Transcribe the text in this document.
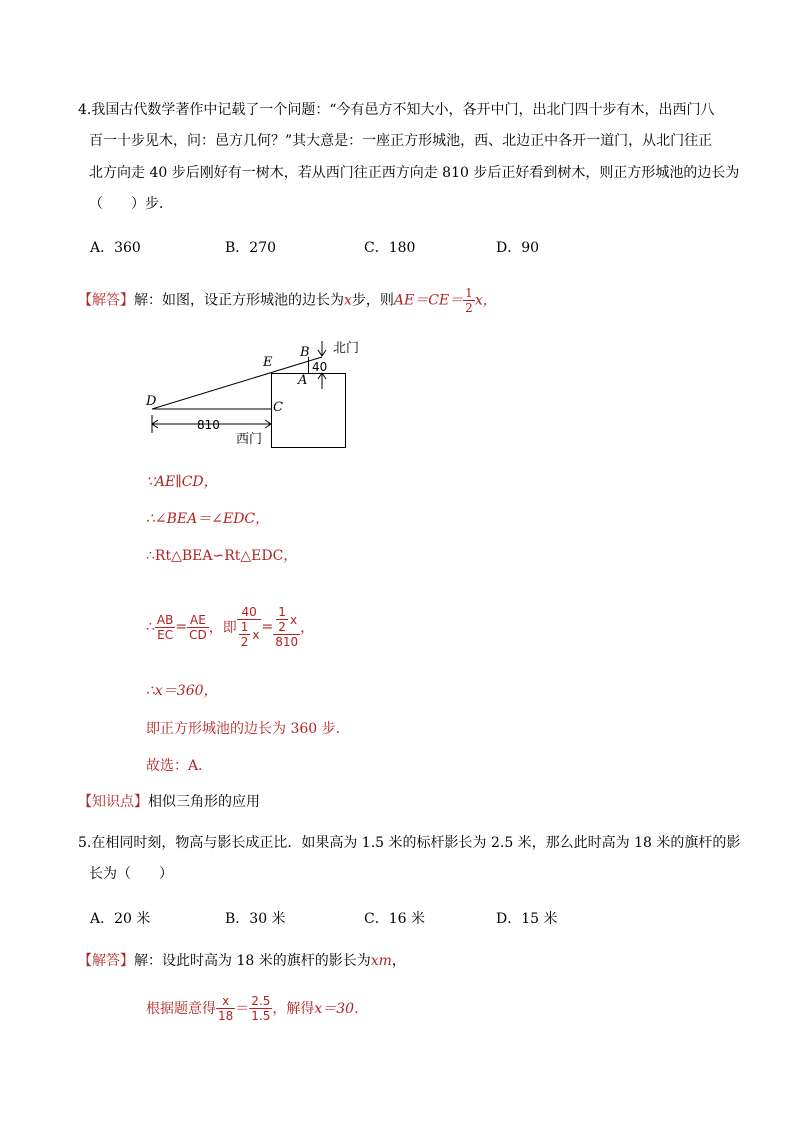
4.我国古代数学著作中记载了一个问题：“今有邑方不知大小，各开中门，出北门四十步有木，出西门八
百一十步见木，问：邑方几何？”其大意是：一座正方形城池，西、北边正中各开一道门，从北门往正
北方向走 40 步后刚好有一树木，若从西门往正西方向走 810 步后正好看到树木，则正方形城池的边长为
（　　）步．
A．360	B．270	C．180	D．90
【解答】解：如图，设正方形城池的边长为x步，则$AE=CE= \frac{1}{2}$ x，
B
E
A
C
D
北门
40
810
西门
∵AE∥CD，
∴∠BEA＝∠EDC，
∴Rt△BEA∽Rt△EDC，
∴ $\frac{AB}{EC} = \frac{AE}{CD}$ ，即 $\frac{40}{\frac{1}{2} x} = \frac{\frac{1}{2} x}{810}$ ，
∴x＝360，
即正方形城池的边长为 360 步．
故选：A．
【知识点】相似三角形的应用
5.在相同时刻，物高与影长成正比．如果高为 1.5 米的标杆影长为 2.5 米，那么此时高为 18 米的旗杆的影
长为（　　）
A．20 米	B．30 米	C．16 米	D．15 米
【解答】解：设此时高为 18 米的旗杆的影长为xm，
根据题意得 $\frac{x}{18} = \frac{2.5}{1.5}$ ，解得 x＝30．
